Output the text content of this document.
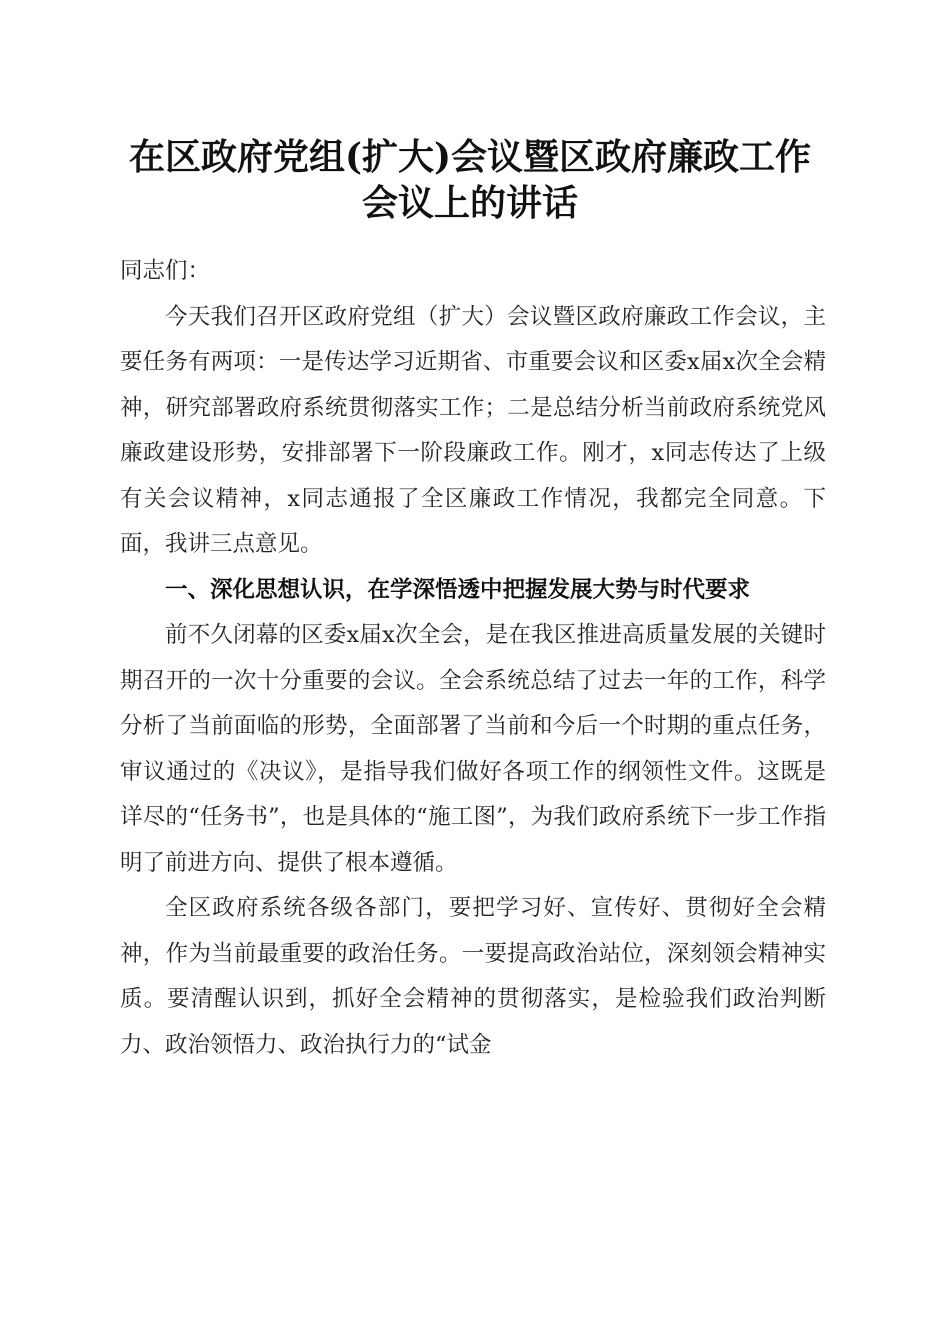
在区政府党组(扩大)会议暨区政府廉政工作会议上的讲话

同志们：

今天我们召开区政府党组（扩大）会议暨区政府廉政工作会议，主要任务有两项：一是传达学习近期省、市重要会议和区委x届x次全会精神，研究部署政府系统贯彻落实工作；二是总结分析当前政府系统党风廉政建设形势，安排部署下一阶段廉政工作。刚才，x同志传达了上级有关会议精神，x同志通报了全区廉政工作情况，我都完全同意。下面，我讲三点意见。

一、深化思想认识，在学深悟透中把握发展大势与时代要求

前不久闭幕的区委x届x次全会，是在我区推进高质量发展的关键时期召开的一次十分重要的会议。全会系统总结了过去一年的工作，科学分析了当前面临的形势，全面部署了当前和今后一个时期的重点任务，审议通过的《决议》，是指导我们做好各项工作的纲领性文件。这既是详尽的“任务书”，也是具体的“施工图”，为我们政府系统下一步工作指明了前进方向、提供了根本遵循。

全区政府系统各级各部门，要把学习好、宣传好、贯彻好全会精神，作为当前最重要的政治任务。一要提高政治站位，深刻领会精神实质。要清醒认识到，抓好全会精神的贯彻落实，是检验我们政治判断力、政治领悟力、政治执行力的“试金
